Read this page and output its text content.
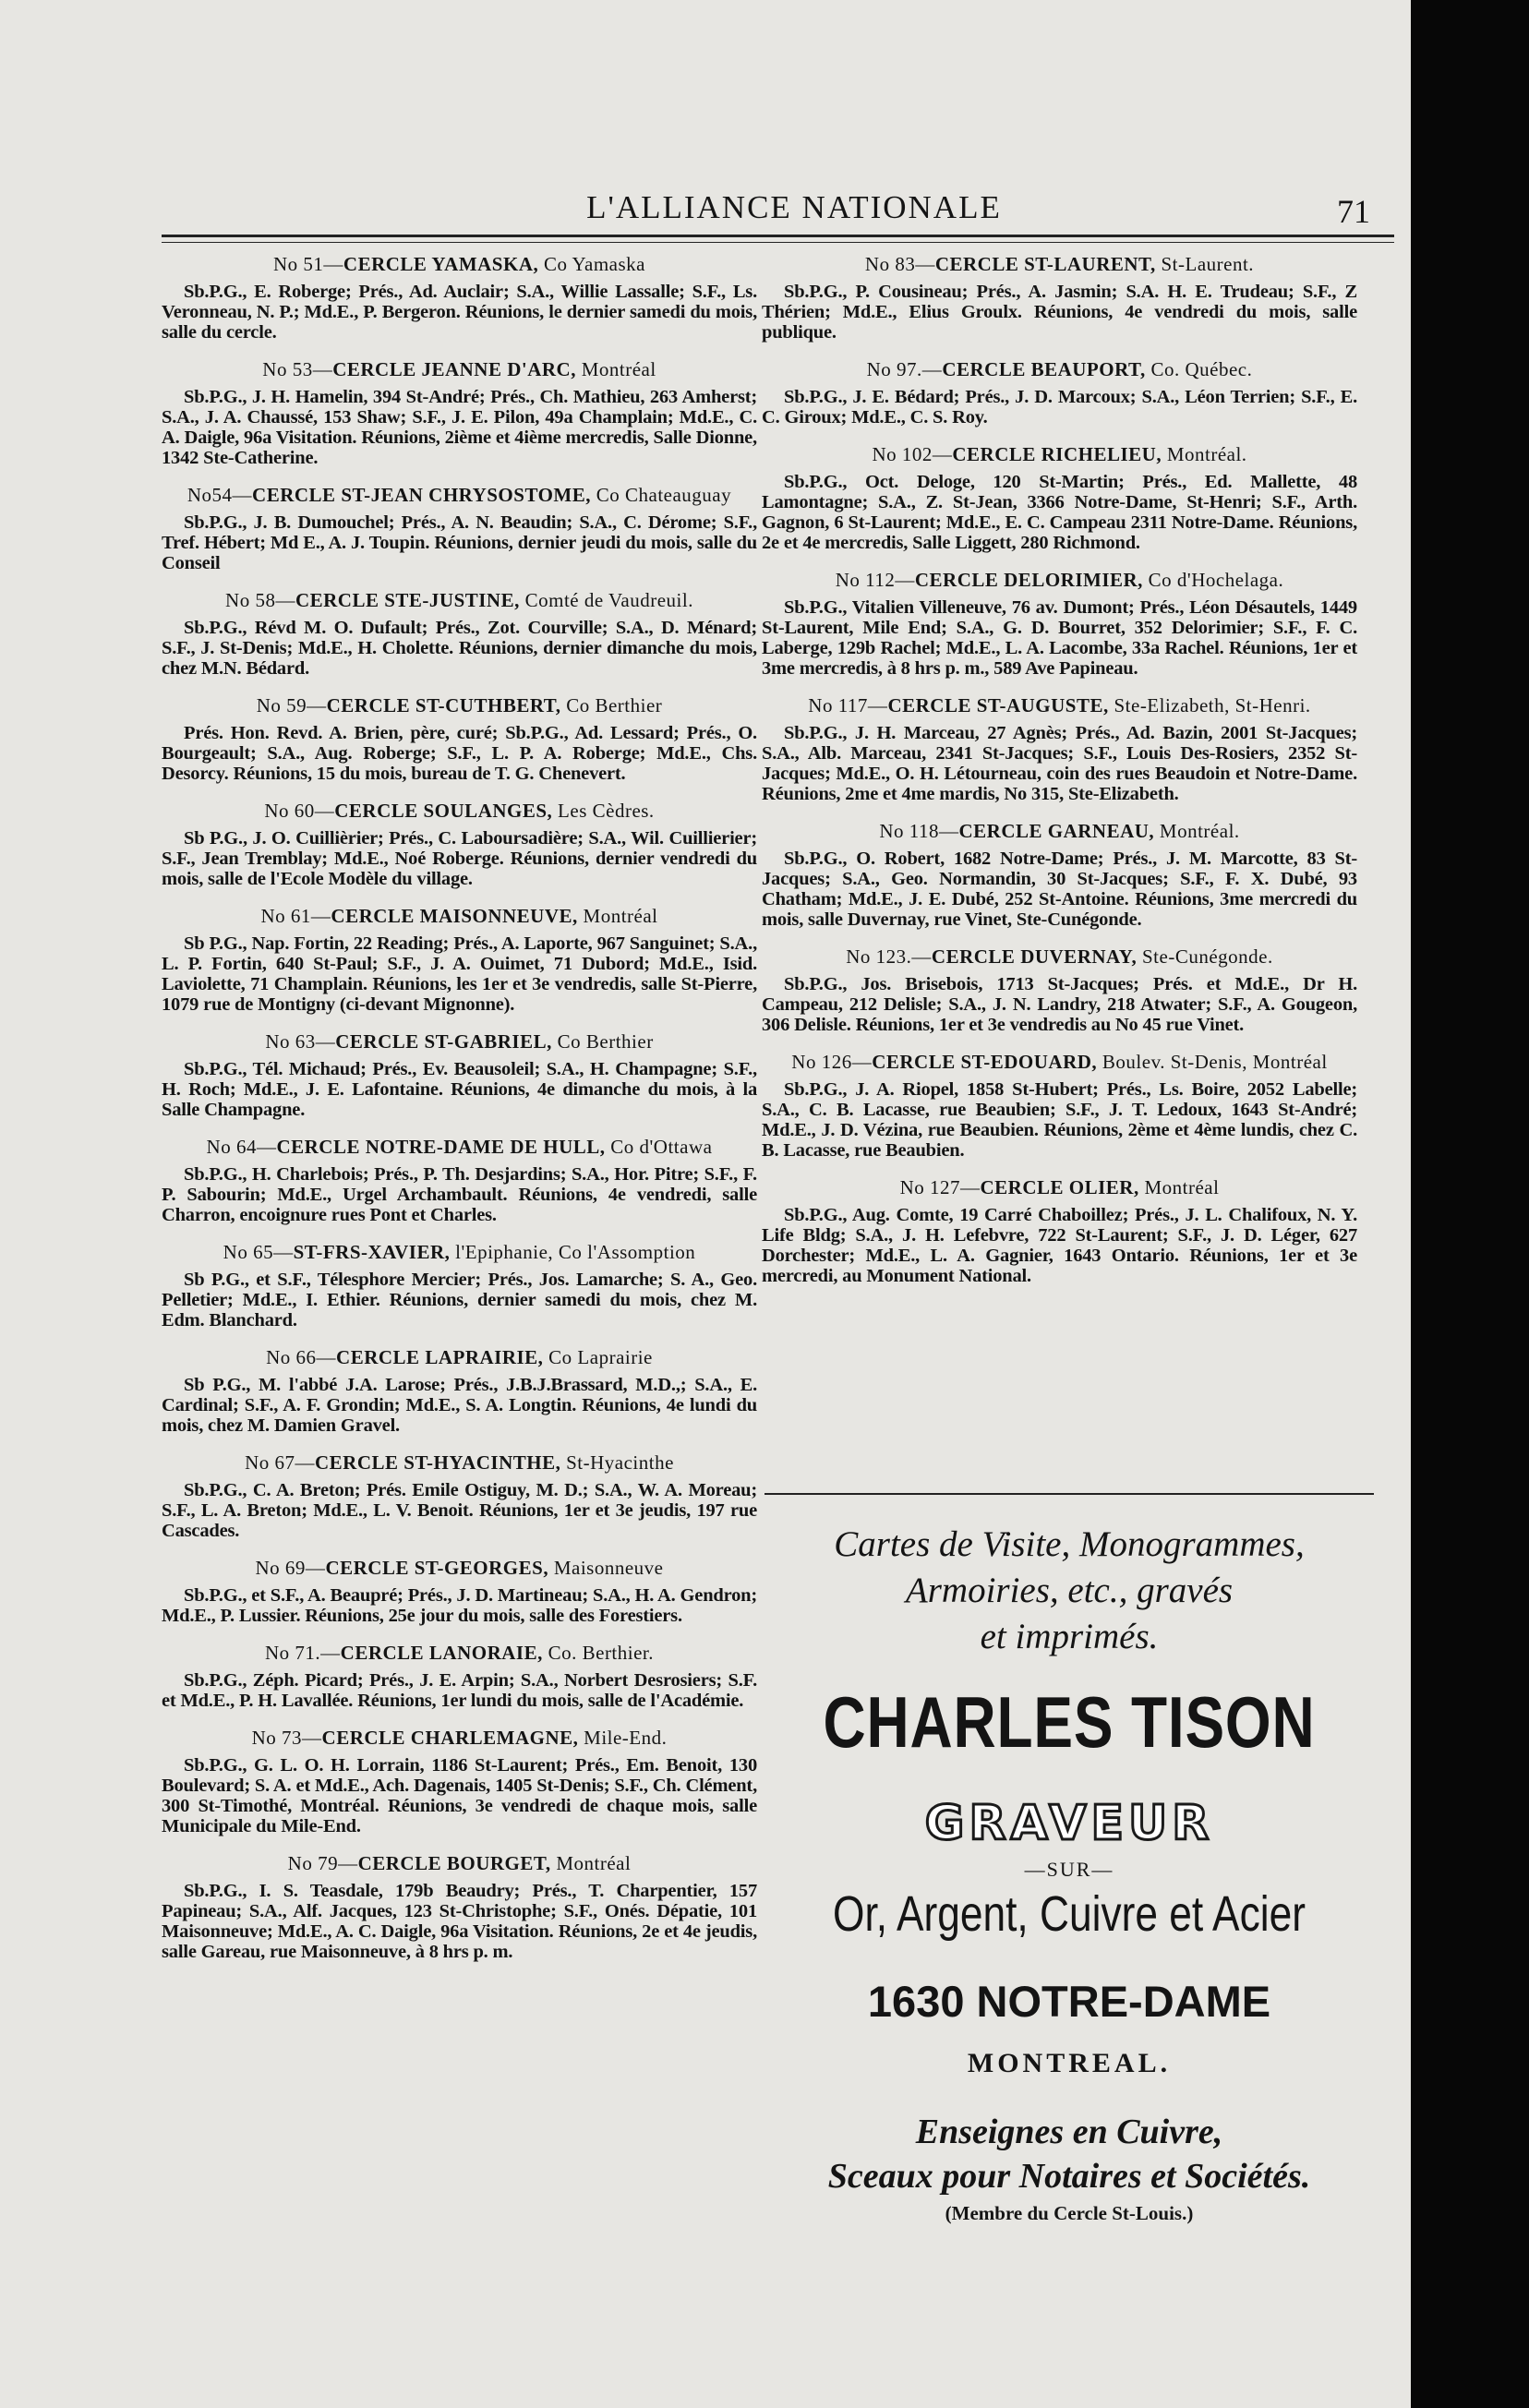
L'ALLIANCE NATIONALE	71
No 51—CERCLE YAMASKA, Co Yamaska
Sb.P.G., E. Roberge; Prés., Ad. Auclair; S.A., Willie Lassalle; S.F., Ls. Veronneau, N. P.; Md.E., P. Bergeron. Réunions, le dernier samedi du mois, salle du cercle.
No 53—CERCLE JEANNE D'ARC, Montréal
Sb.P.G., J. H. Hamelin, 394 St-André; Prés., Ch. Mathieu, 263 Amherst; S.A., J. A. Chaussé, 153 Shaw; S.F., J. E. Pilon, 49a Champlain; Md.E., C. A. Daigle, 96a Visitation. Réunions, 2ième et 4ième mercredis, Salle Dionne, 1342 Ste-Catherine.
No54—CERCLE ST-JEAN CHRYSOSTOME, Co Chateauguay
Sb.P.G., J. B. Dumouchel; Prés., A. N. Beaudin; S.A., C. Dérome; S.F., Tref. Hébert; Md E., A. J. Toupin. Réunions, dernier jeudi du mois, salle du Conseil
No 58—CERCLE STE-JUSTINE, Comté de Vaudreuil.
Sb.P.G., Révd M. O. Dufault; Prés., Zot. Courville; S.A., D. Ménard; S.F., J. St-Denis; Md.E., H. Cholette. Réunions, dernier dimanche du mois, chez M.N. Bédard.
No 59—CERCLE ST-CUTHBERT, Co Berthier
Prés. Hon. Revd. A. Brien, père, curé; Sb.P.G., Ad. Lessard; Prés., O. Bourgeault; S.A., Aug. Roberge; S.F., L. P. A. Roberge; Md.E., Chs. Desorcy. Réunions, 15 du mois, bureau de T. G. Chenevert.
No 60—CERCLE SOULANGES, Les Cèdres.
Sb P.G., J. O. Cuillièrier; Prés., C. Laboursadière; S.A., Wil. Cuillierier; S.F., Jean Tremblay; Md.E., Noé Roberge. Réunions, dernier vendredi du mois, salle de l'Ecole Modèle du village.
No 61—CERCLE MAISONNEUVE, Montréal
Sb P.G., Nap. Fortin, 22 Reading; Prés., A. Laporte, 967 Sanguinet; S.A., L. P. Fortin, 640 St-Paul; S.F., J. A. Ouimet, 71 Dubord; Md.E., Isid. Laviolette, 71 Champlain. Réunions, les 1er et 3e vendredis, salle St-Pierre, 1079 rue de Montigny (ci-devant Mignonne).
No 63—CERCLE ST-GABRIEL, Co Berthier
Sb.P.G., Tél. Michaud; Prés., Ev. Beausoleil; S.A., H. Champagne; S.F., H. Roch; Md.E., J. E. Lafontaine. Réunions, 4e dimanche du mois, à la Salle Champagne.
No 64—CERCLE NOTRE-DAME DE HULL, Co d'Ottawa
Sb.P.G., H. Charlebois; Prés., P. Th. Desjardins; S.A., Hor. Pitre; S.F., F. P. Sabourin; Md.E., Urgel Archambault. Réunions, 4e vendredi, salle Charron, encoignure rues Pont et Charles.
No 65—ST-FRS-XAVIER, l'Epiphanie, Co l'Assomption
Sb P.G., et S.F., Télesphore Mercier; Prés., Jos. Lamarche; S. A., Geo. Pelletier; Md.E., I. Ethier. Réunions, dernier samedi du mois, chez M. Edm. Blanchard.
No 66—CERCLE LAPRAIRIE, Co Laprairie
Sb P.G., M. l'abbé J.A. Larose; Prés., J.B.J.Brassard, M.D.,; S.A., E. Cardinal; S.F., A. F. Grondin; Md.E., S. A. Longtin. Réunions, 4e lundi du mois, chez M. Damien Gravel.
No 67—CERCLE ST-HYACINTHE, St-Hyacinthe
Sb.P.G., C. A. Breton; Prés. Emile Ostiguy, M. D.; S.A., W. A. Moreau; S.F., L. A. Breton; Md.E., L. V. Benoit. Réunions, 1er et 3e jeudis, 197 rue Cascades.
No 69—CERCLE ST-GEORGES, Maisonneuve
Sb.P.G., et S.F., A. Beaupré; Prés., J. D. Martineau; S.A., H. A. Gendron; Md.E., P. Lussier. Réunions, 25e jour du mois, salle des Forestiers.
No 71.—CERCLE LANORAIE, Co. Berthier.
Sb.P.G., Zéph. Picard; Prés., J. E. Arpin; S.A., Norbert Desrosiers; S.F. et Md.E., P. H. Lavallée. Réunions, 1er lundi du mois, salle de l'Académie.
No 73—CERCLE CHARLEMAGNE, Mile-End.
Sb.P.G., G. L. O. H. Lorrain, 1186 St-Laurent; Prés., Em. Benoit, 130 Boulevard; S. A. et Md.E., Ach. Dagenais, 1405 St-Denis; S.F., Ch. Clément, 300 St-Timothé, Montréal. Réunions, 3e vendredi de chaque mois, salle Municipale du Mile-End.
No 79—CERCLE BOURGET, Montréal
Sb.P.G., I. S. Teasdale, 179b Beaudry; Prés., T. Charpentier, 157 Papineau; S.A., Alf. Jacques, 123 St-Christophe; S.F., Onés. Dépatie, 101 Maisonneuve; Md.E., A. C. Daigle, 96a Visitation. Réunions, 2e et 4e jeudis, salle Gareau, rue Maisonneuve, à 8 hrs p. m.
No 83—CERCLE ST-LAURENT, St-Laurent.
Sb.P.G., P. Cousineau; Prés., A. Jasmin; S.A. H. E. Trudeau; S.F., Z Thérien; Md.E., Elius Groulx. Réunions, 4e vendredi du mois, salle publique.
No 97.—CERCLE BEAUPORT, Co. Québec.
Sb.P.G., J. E. Bédard; Prés., J. D. Marcoux; S.A., Léon Terrien; S.F., E. C. Giroux; Md.E., C. S. Roy.
No 102—CERCLE RICHELIEU, Montréal.
Sb.P.G., Oct. Deloge, 120 St-Martin; Prés., Ed. Mallette, 48 Lamontagne; S.A., Z. St-Jean, 3366 Notre-Dame, St-Henri; S.F., Arth. Gagnon, 6 St-Laurent; Md.E., E. C. Campeau 2311 Notre-Dame. Réunions, 2e et 4e mercredis, Salle Liggett, 280 Richmond.
No 112—CERCLE DELORIMIER, Co d'Hochelaga.
Sb.P.G., Vitalien Villeneuve, 76 av. Dumont; Prés., Léon Désautels, 1449 St-Laurent, Mile End; S.A., G. D. Bourret, 352 Delorimier; S.F., F. C. Laberge, 129b Rachel; Md.E., L. A. Lacombe, 33a Rachel. Réunions, 1er et 3me mercredis, à 8 hrs p. m., 589 Ave Papineau.
No 117—CERCLE ST-AUGUSTE, Ste-Elizabeth, St-Henri.
Sb.P.G., J. H. Marceau, 27 Agnès; Prés., Ad. Bazin, 2001 St-Jacques; S.A., Alb. Marceau, 2341 St-Jacques; S.F., Louis Des-Rosiers, 2352 St-Jacques; Md.E., O. H. Létourneau, coin des rues Beaudoin et Notre-Dame. Réunions, 2me et 4me mardis, No 315, Ste-Elizabeth.
No 118—CERCLE GARNEAU, Montréal.
Sb.P.G., O. Robert, 1682 Notre-Dame; Prés., J. M. Marcotte, 83 St-Jacques; S.A., Geo. Normandin, 30 St-Jacques; S.F., F. X. Dubé, 93 Chatham; Md.E., J. E. Dubé, 252 St-Antoine. Réunions, 3me mercredi du mois, salle Duvernay, rue Vinet, Ste-Cunégonde.
No 123.—CERCLE DUVERNAY, Ste-Cunégonde.
Sb.P.G., Jos. Brisebois, 1713 St-Jacques; Prés. et Md.E., Dr H. Campeau, 212 Delisle; S.A., J. N. Landry, 218 Atwater; S.F., A. Gougeon, 306 Delisle. Réunions, 1er et 3e vendredis au No 45 rue Vinet.
No 126—CERCLE ST-EDOUARD, Boulev. St-Denis, Montréal
Sb.P.G., J. A. Riopel, 1858 St-Hubert; Prés., Ls. Boire, 2052 Labelle; S.A., C. B. Lacasse, rue Beaubien; S.F., J. T. Ledoux, 1643 St-André; Md.E., J. D. Vézina, rue Beaubien. Réunions, 2ème et 4ème lundis, chez C. B. Lacasse, rue Beaubien.
No 127—CERCLE OLIER, Montréal
Sb.P.G., Aug. Comte, 19 Carré Chaboillez; Prés., J. L. Chalifoux, N. Y. Life Bldg; S.A., J. H. Lefebvre, 722 St-Laurent; S.F., J. D. Léger, 627 Dorchester; Md.E., L. A. Gagnier, 1643 Ontario. Réunions, 1er et 3e mercredi, au Monument National.
Cartes de Visite, Monogrammes,
Armoiries, etc., gravés
et imprimés.
CHARLES TISON
GRAVEUR
—SUR—
Or, Argent, Cuivre et Acier
1630 NOTRE-DAME
MONTREAL.
Enseignes en Cuivre,
Sceaux pour Notaires et Sociétés.
(Membre du Cercle St-Louis.)
